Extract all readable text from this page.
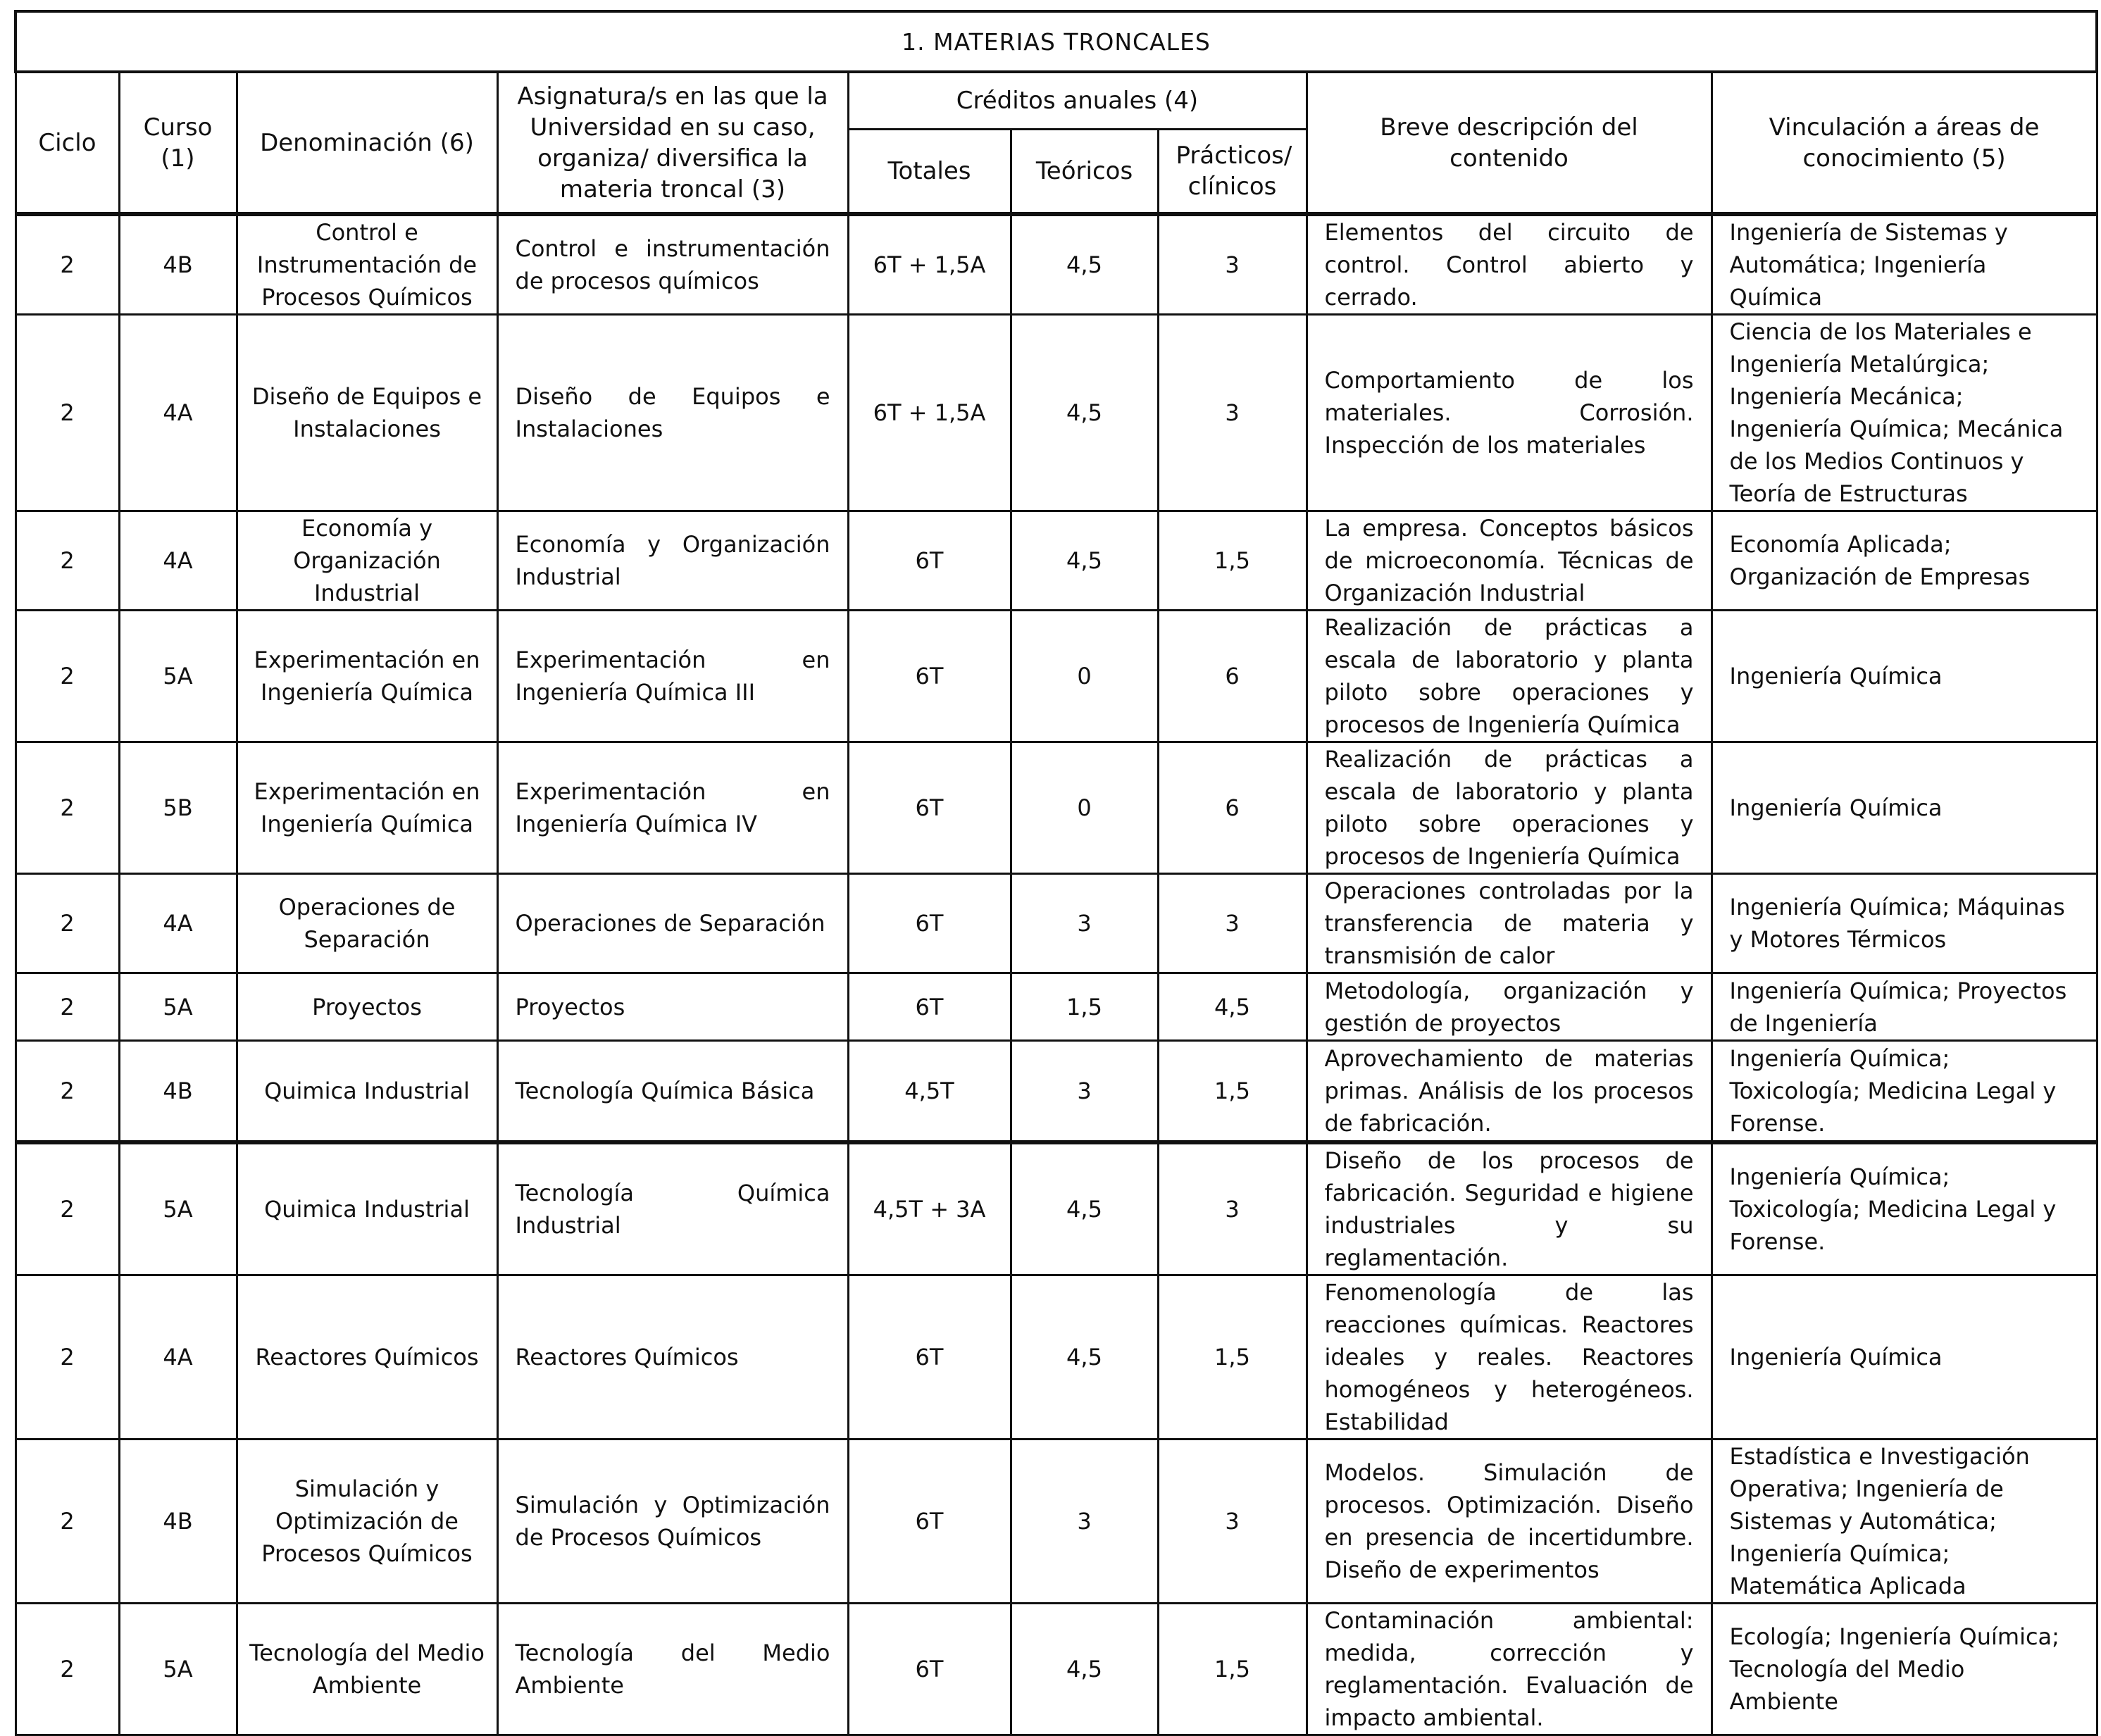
1. MATERIAS TRONCALES								
Ciclo	Curso (1)	Denominación (6)	Asignatura/s en las que la Universidad en su caso, organiza/ diversifica la materia troncal (3)	Créditos anuales (4)			Breve descripción del contenido	Vinculación a áreas de conocimiento (5)
				Totales	Teóricos	Prácticos/ clínicos		
2	4B	Control e Instrumentación de Procesos Químicos	Control e instrumentación de procesos químicos	6T + 1,5A	4,5	3	Elementos del circuito de control. Control abierto y cerrado.	Ingeniería de Sistemas y Automática; Ingeniería Química
2	4A	Diseño de Equipos e Instalaciones	Diseño de Equipos e Instalaciones	6T + 1,5A	4,5	3	Comportamiento de los materiales. Corrosión. Inspección de los materiales	Ciencia de los Materiales e Ingeniería Metalúrgica; Ingeniería Mecánica; Ingeniería Química; Mecánica de los Medios Continuos y Teoría de Estructuras
2	4A	Economía y Organización Industrial	Economía y Organización Industrial	6T	4,5	1,5	La empresa. Conceptos básicos de microeconomía. Técnicas de Organización Industrial	Economía Aplicada; Organización de Empresas
2	5A	Experimentación en Ingeniería Química	Experimentación en Ingeniería Química III	6T	0	6	Realización de prácticas a escala de laboratorio y planta piloto sobre operaciones y procesos de Ingeniería Química	Ingeniería Química
2	5B	Experimentación en Ingeniería Química	Experimentación en Ingeniería Química IV	6T	0	6	Realización de prácticas a escala de laboratorio y planta piloto sobre operaciones y procesos de Ingeniería Química	Ingeniería Química
2	4A	Operaciones de Separación	Operaciones de Separación	6T	3	3	Operaciones controladas por la transferencia de materia y transmisión de calor	Ingeniería Química; Máquinas y Motores Térmicos
2	5A	Proyectos	Proyectos	6T	1,5	4,5	Metodología, organización y gestión de proyectos	Ingeniería Química; Proyectos de Ingeniería
2	4B	Quimica Industrial	Tecnología Química Básica	4,5T	3	1,5	Aprovechamiento de materias primas. Análisis de los procesos de fabricación.	Ingeniería Química; Toxicología; Medicina Legal y Forense.
2	5A	Quimica Industrial	Tecnología Química Industrial	4,5T + 3A	4,5	3	Diseño de los procesos de fabricación. Seguridad e higiene industriales y su reglamentación.	Ingeniería Química; Toxicología; Medicina Legal y Forense.
2	4A	Reactores Químicos	Reactores Químicos	6T	4,5	1,5	Fenomenología de las reacciones químicas. Reactores ideales y reales. Reactores homogéneos y heterogéneos. Estabilidad	Ingeniería Química
2	4B	Simulación y Optimización de Procesos Químicos	Simulación y Optimización de Procesos Químicos	6T	3	3	Modelos. Simulación de procesos. Optimización. Diseño en presencia de incertidumbre. Diseño de experimentos	Estadística e Investigación Operativa; Ingeniería de Sistemas y Automática; Ingeniería Química; Matemática Aplicada
2	5A	Tecnología del Medio Ambiente	Tecnología del Medio Ambiente	6T	4,5	1,5	Contaminación ambiental: medida, corrección y reglamentación. Evaluación de impacto ambiental.	Ecología; Ingeniería Química; Tecnología del Medio Ambiente
